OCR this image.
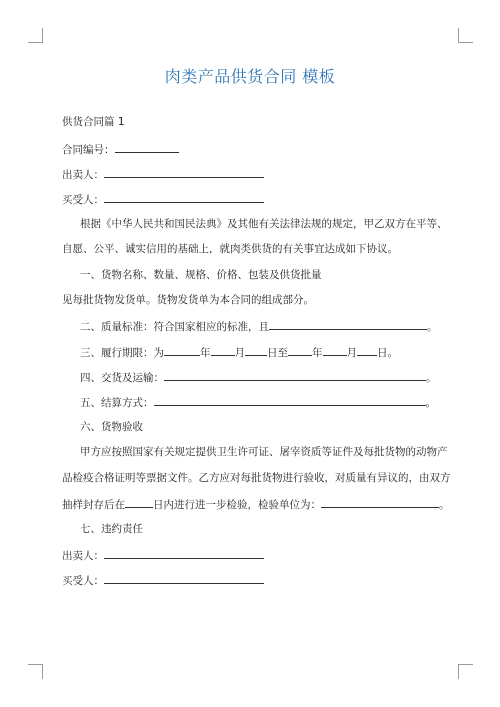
肉类产品供货合同 模板
供货合同篇 1
合同编号：
出卖人：
买受人：
根据《中华人民共和国民法典》及其他有关法律法规的规定，甲乙双方在平等、
自愿、公平、诚实信用的基础上，就肉类供货的有关事宜达成如下协议。
一、货物名称、数量、规格、价格、包装及供货批量
见每批货物发货单。货物发货单为本合同的组成部分。
二、质量标准：符合国家相应的标准，且	。
三、履行期限：为	年 月 日至 年 月 日。
四、交货及运输：	。
五、结算方式：	。
六、货物验收
甲方应按照国家有关规定提供卫生许可证、屠宰资质等证件及每批货物的动物产
品检疫合格证明等票据文件。乙方应对每批货物进行验收，对质量有异议的，由双方
抽样封存后在	日内进行进一步检验，检验单位为：	。
七、违约责任
出卖人：
买受人：
